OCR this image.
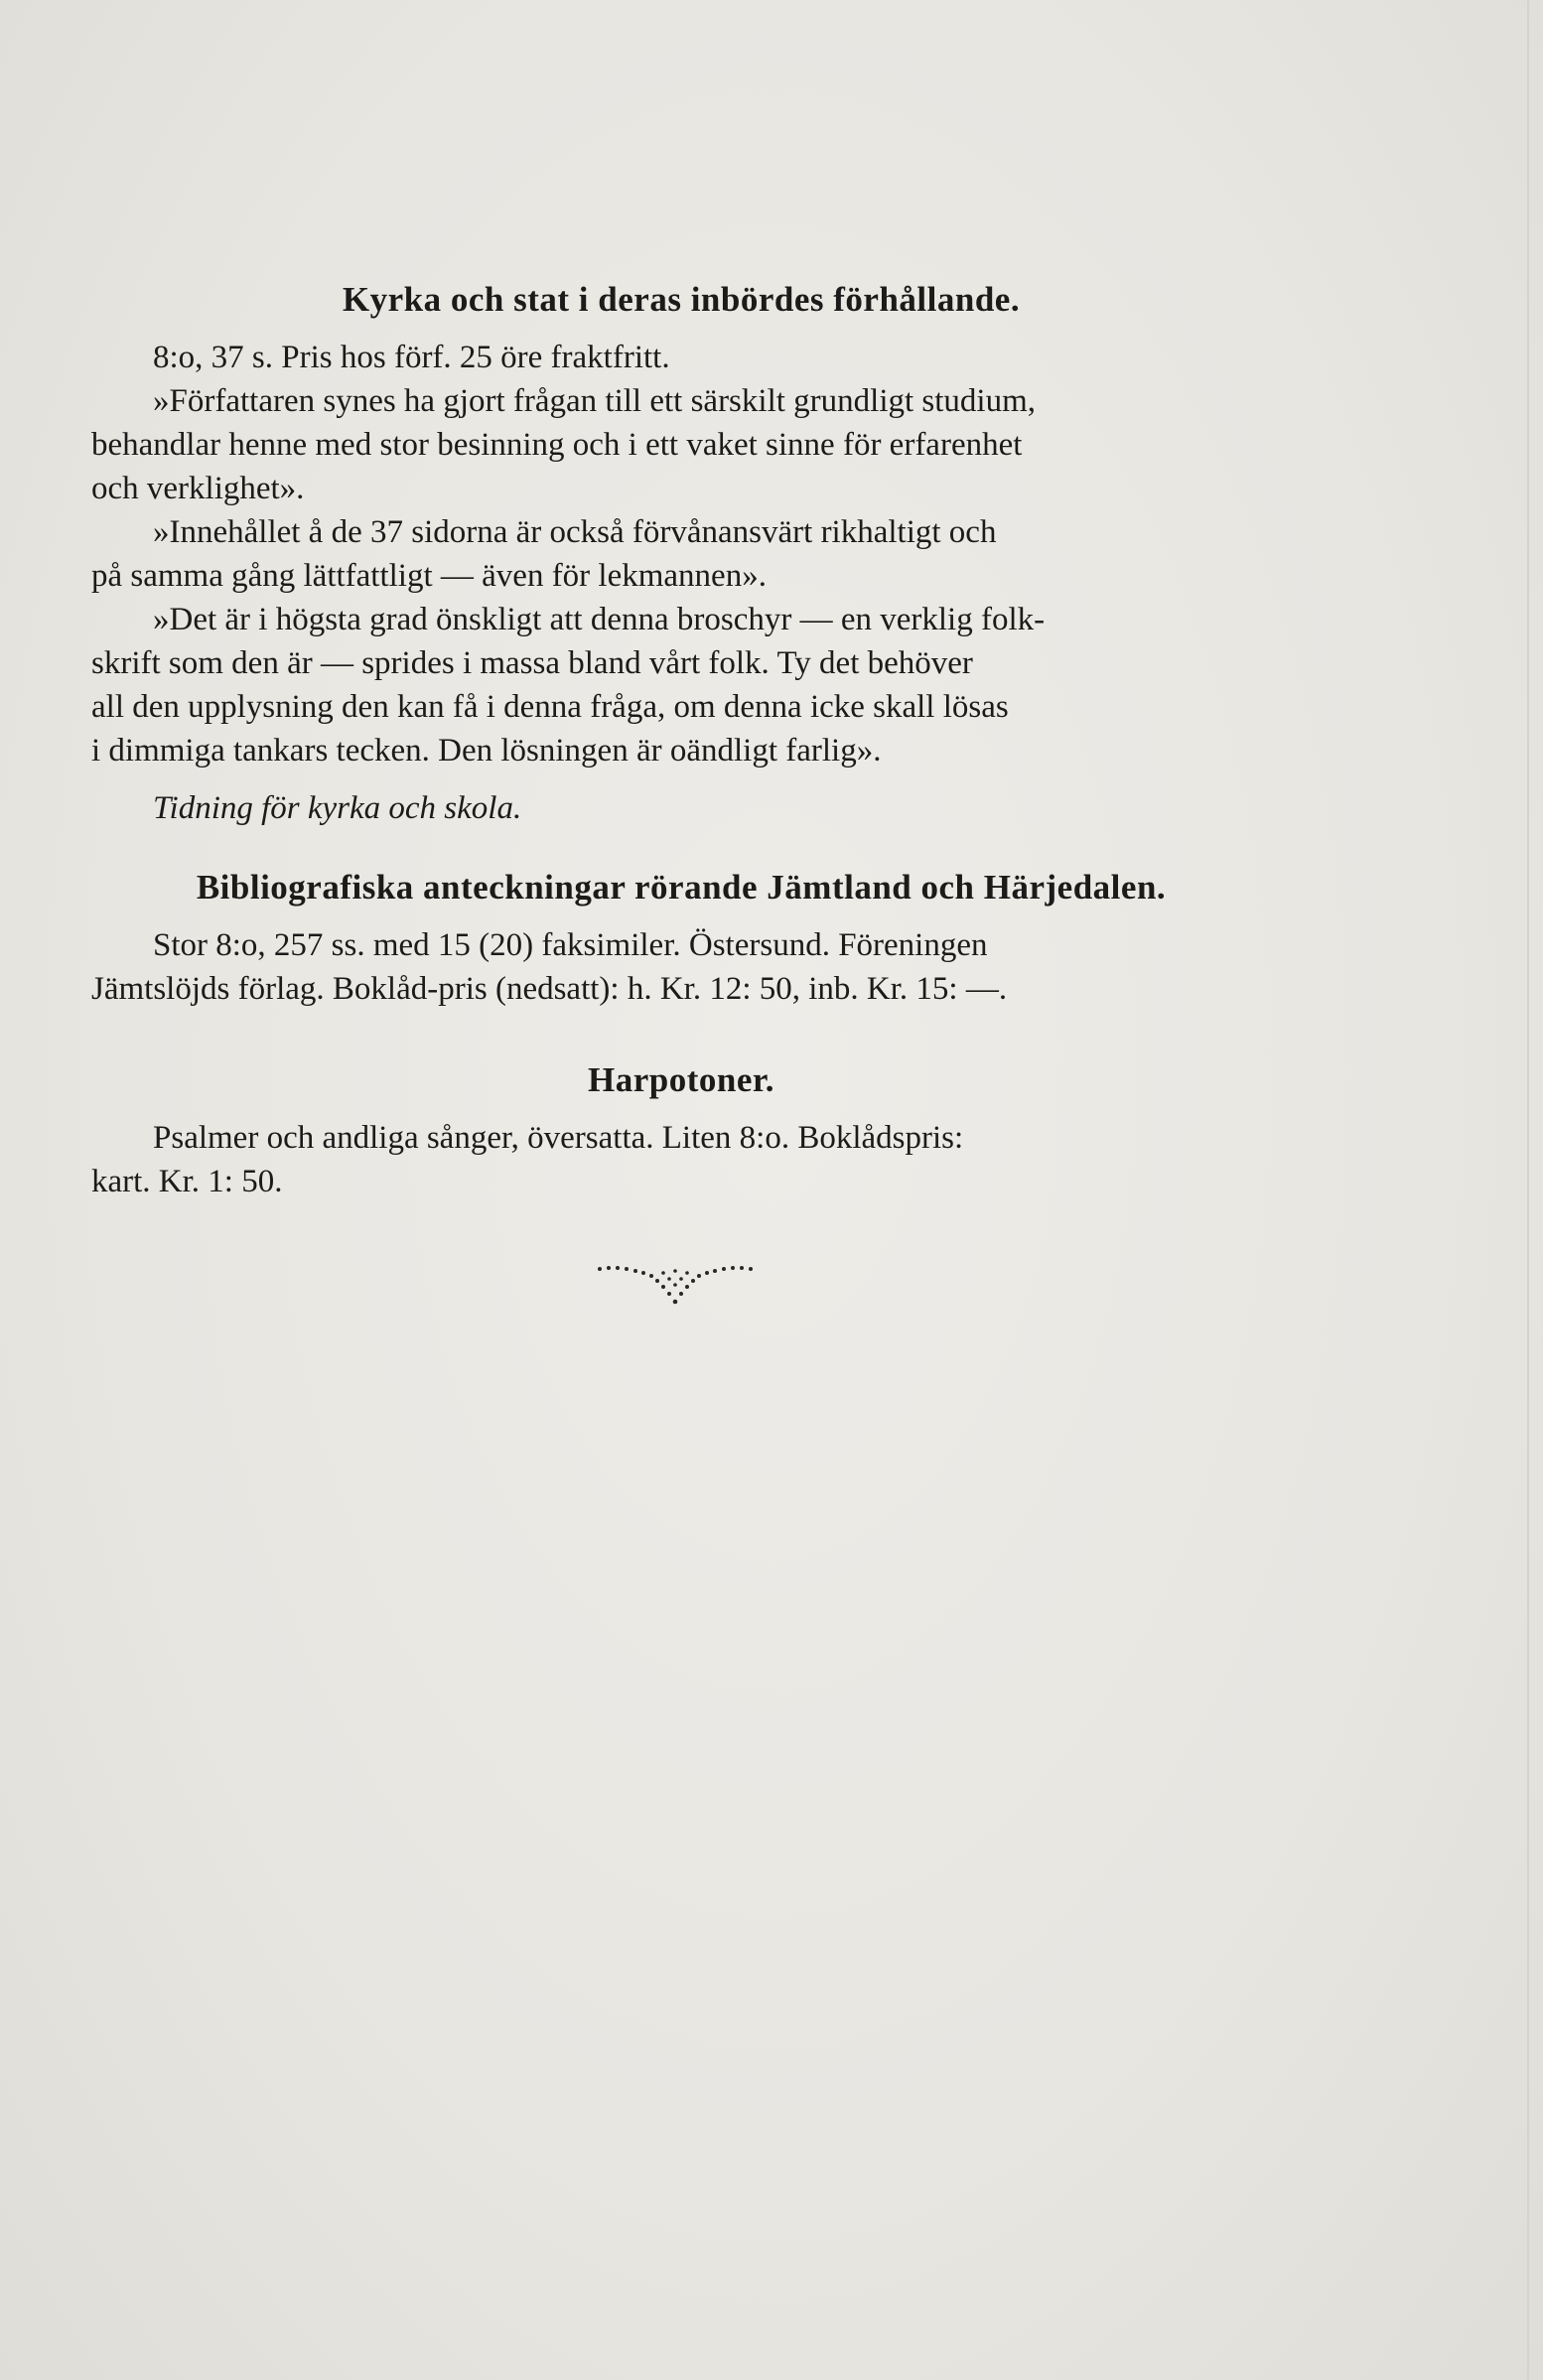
Kyrka och stat i deras inbördes förhållande.
8:o, 37 s. Pris hos förf. 25 öre fraktfritt.
»Författaren synes ha gjort frågan till ett särskilt grundligt studium,
behandlar henne med stor besinning och i ett vaket sinne för erfarenhet
och verklighet».
»Innehållet å de 37 sidorna är också förvånansvärt rikhaltigt och
på samma gång lättfattligt — även för lekmannen».
»Det är i högsta grad önskligt att denna broschyr — en verklig folk-
skrift som den är — sprides i massa bland vårt folk. Ty det behöver
all den upplysning den kan få i denna fråga, om denna icke skall lösas
i dimmiga tankars tecken. Den lösningen är oändligt farlig».
Tidning för kyrka och skola.
Bibliografiska anteckningar rörande Jämtland och Härjedalen.
Stor 8:o, 257 ss. med 15 (20) faksimiler. Östersund. Föreningen
Jämtslöjds förlag. Boklåd-pris (nedsatt): h. Kr. 12: 50, inb. Kr. 15: —.
Harpotoner.
Psalmer och andliga sånger, översatta. Liten 8:o. Boklådspris:
kart. Kr. 1: 50.
